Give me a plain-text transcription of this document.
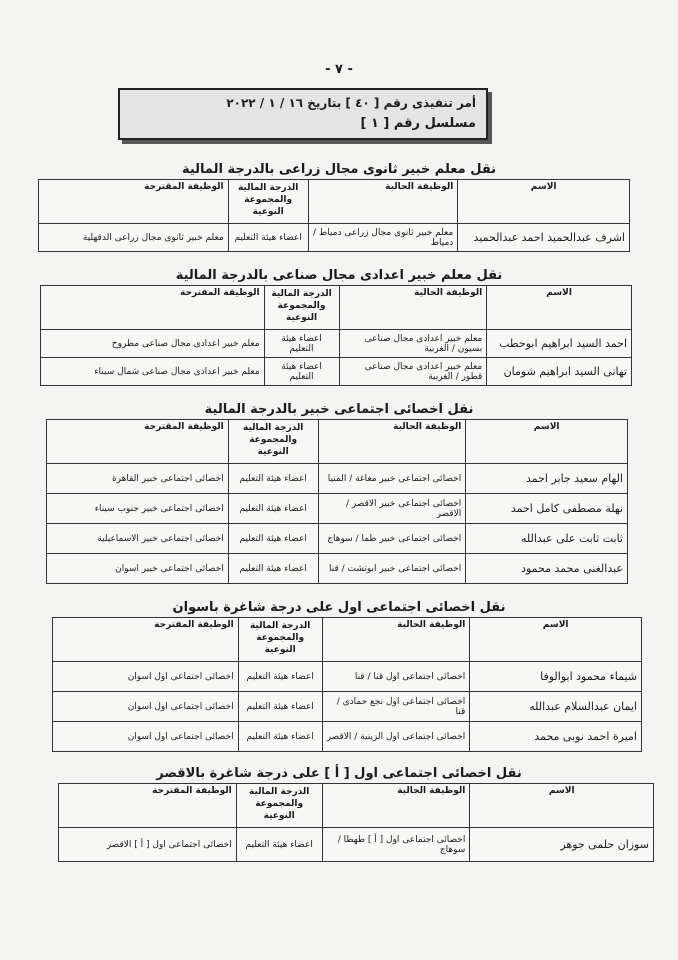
- ٧ -
أمر تنفيذى رقم [ ٤٠ ] بتاريخ ١٦ / ١ / ٢٠٢٢
مسلسل رقم [ ١ ]
نقل معلم خبير ثانوى مجال زراعى بالدرجة المالية
الاسم	الوظيفة الحالية	الدرجة المالية والمجموعة النوعية	الوظيفة المقترحة
اشرف عبدالحميد احمد عبدالحميد	معلم خبير ثانوى مجال زراعى دمياط / دمياط	اعضاء هيئة التعليم	معلم خبير ثانوى مجال زراعى الدقهلية
نقل معلم خبير اعدادى مجال صناعى بالدرجة المالية
الاسم	الوظيفة الحالية	الدرجة المالية والمجموعة النوعية	الوظيفة المقترحة
احمد السيد ابراهيم ابوحطب	معلم خبير اعدادى مجال صناعى بسيون / الغربية	اعضاء هيئة التعليم	معلم خبير اعدادى مجال صناعى مطروح
تهانى السيد ابراهيم شومان	معلم خبير اعدادى مجال صناعى قطور / الغربية	اعضاء هيئة التعليم	معلم خبير اعدادى مجال صناعى شمال سيناء
نقل اخصائى اجتماعى خبير بالدرجة المالية
الاسم	الوظيفة الحالية	الدرجة المالية والمجموعة النوعية	الوظيفة المقترحة
الهام سعيد جابر احمد	اخصائى اجتماعى خبير مغاغة / المنيا	اعضاء هيئة التعليم	اخصائى اجتماعى خبير القاهرة
نهلة مصطفى كامل احمد	اخصائى اجتماعى خبير الاقصر / الاقصر	اعضاء هيئة التعليم	اخصائى اجتماعى خبير جنوب سيناء
ثابت ثابت على عبدالله	اخصائى اجتماعى خبير طما / سوهاج	اعضاء هيئة التعليم	اخصائى اجتماعى خبير الاسماعيلية
عبدالغنى محمد محمود	اخصائى اجتماعى خبير ابوتشت / قنا	اعضاء هيئة التعليم	اخصائى اجتماعى خبير اسوان
نقل اخصائى اجتماعى اول على درجة شاغرة باسوان
الاسم	الوظيفة الحالية	الدرجة المالية والمجموعة النوعية	الوظيفة المقترحة
شيماء محمود ابوالوفا	اخصائى اجتماعى اول قنا / قنا	اعضاء هيئة التعليم	اخصائى اجتماعى اول اسوان
ايمان عبدالسلام عبدالله	اخصائى اجتماعى اول نجع حمادى / قنا	اعضاء هيئة التعليم	اخصائى اجتماعى اول اسوان
اميرة احمد نوبى محمد	اخصائى اجتماعى اول الزينية / الاقصر	اعضاء هيئة التعليم	اخصائى اجتماعى اول اسوان
نقل اخصائى اجتماعى اول [ أ ] على درجة شاغرة بالاقصر
الاسم	الوظيفة الحالية	الدرجة المالية والمجموعة النوعية	الوظيفة المقترحة
سوزان حلمى جوهر	اخصائى اجتماعى اول [ أ ] طهطا / سوهاج	اعضاء هيئة التعليم	اخصائى اجتماعى اول [ أ ] الاقصر
